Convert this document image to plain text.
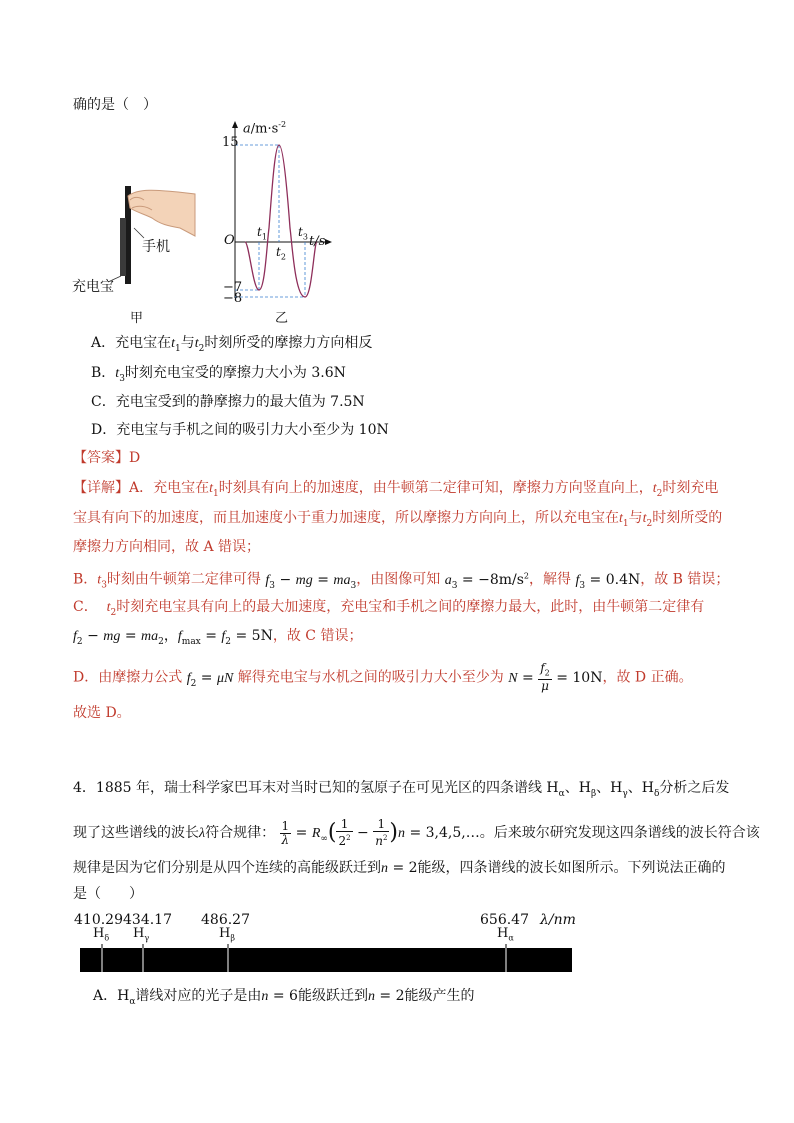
确的是（　）
手机
充电宝
甲
$a/m\cdot s^{-2}$
15
O
−7
−8
t/s
$t_1$
$t_2$
$t_3$
乙
A．充电宝在$t_1$与$t_2$时刻所受的摩擦力方向相反
B．$t_3$时刻充电宝受的摩擦力大小为 3.6N
C．充电宝受到的静摩擦力的最大值为 7.5N
D．充电宝与手机之间的吸引力大小至少为 10N
【答案】D
【详解】A．充电宝在$t_1$时刻具有向上的加速度，由牛顿第二定律可知，摩擦力方向竖直向上，$t_2$时刻充电
宝具有向下的加速度，而且加速度小于重力加速度，所以摩擦力方向向上，所以充电宝在$t_1$与$t_2$时刻所受的
摩擦力方向相同，故 A 错误；
B．$t_3$时刻由牛顿第二定律可得 $f_3$ − mg = $ma_3$，由图像可知 $a_3 = -8m/s^2$，解得 $f_3 = 0.4N$，故 B 错误；
C． $t_2$时刻充电宝具有向上的最大加速度，充电宝和手机之间的摩擦力最大，此时，由牛顿第二定律有
$f_2$ − mg = $ma_2$，$f_{max} = f_2 = 5N$，故 C 错误；
D．由摩擦力公式 $f_2 = \mu N$ 解得充电宝与水机之间的吸引力大小至少为 $N = \frac{f_2}{\mu} = 10N$，故 D 正确。
故选 D。
4．1885 年，瑞士科学家巴耳末对当时已知的氢原子在可见光区的四条谱线 $H_\alpha$、$H_\beta$、$H_\gamma$、$H_\delta$分析之后发
现了这些谱线的波长λ符合规律： $\frac{1}{\lambda} = R_\infty( \frac{1}{2^2} - \frac{1}{n^2} )n$ = 3,4,5,…。后来玻尔研究发现这四条谱线的波长符合该
规律是因为它们分别是从四个连续的高能级跃迁到n = 2能级，四条谱线的波长如图所示。下列说法正确的
是（　　）
410.29 434.17 486.27	656.47 λ/nm
$H_\delta$ $H_\gamma$	$H_\beta$	$H_\alpha$
A．$H_\alpha$谱线对应的光子是由n = 6能级跃迁到n = 2能级产生的
